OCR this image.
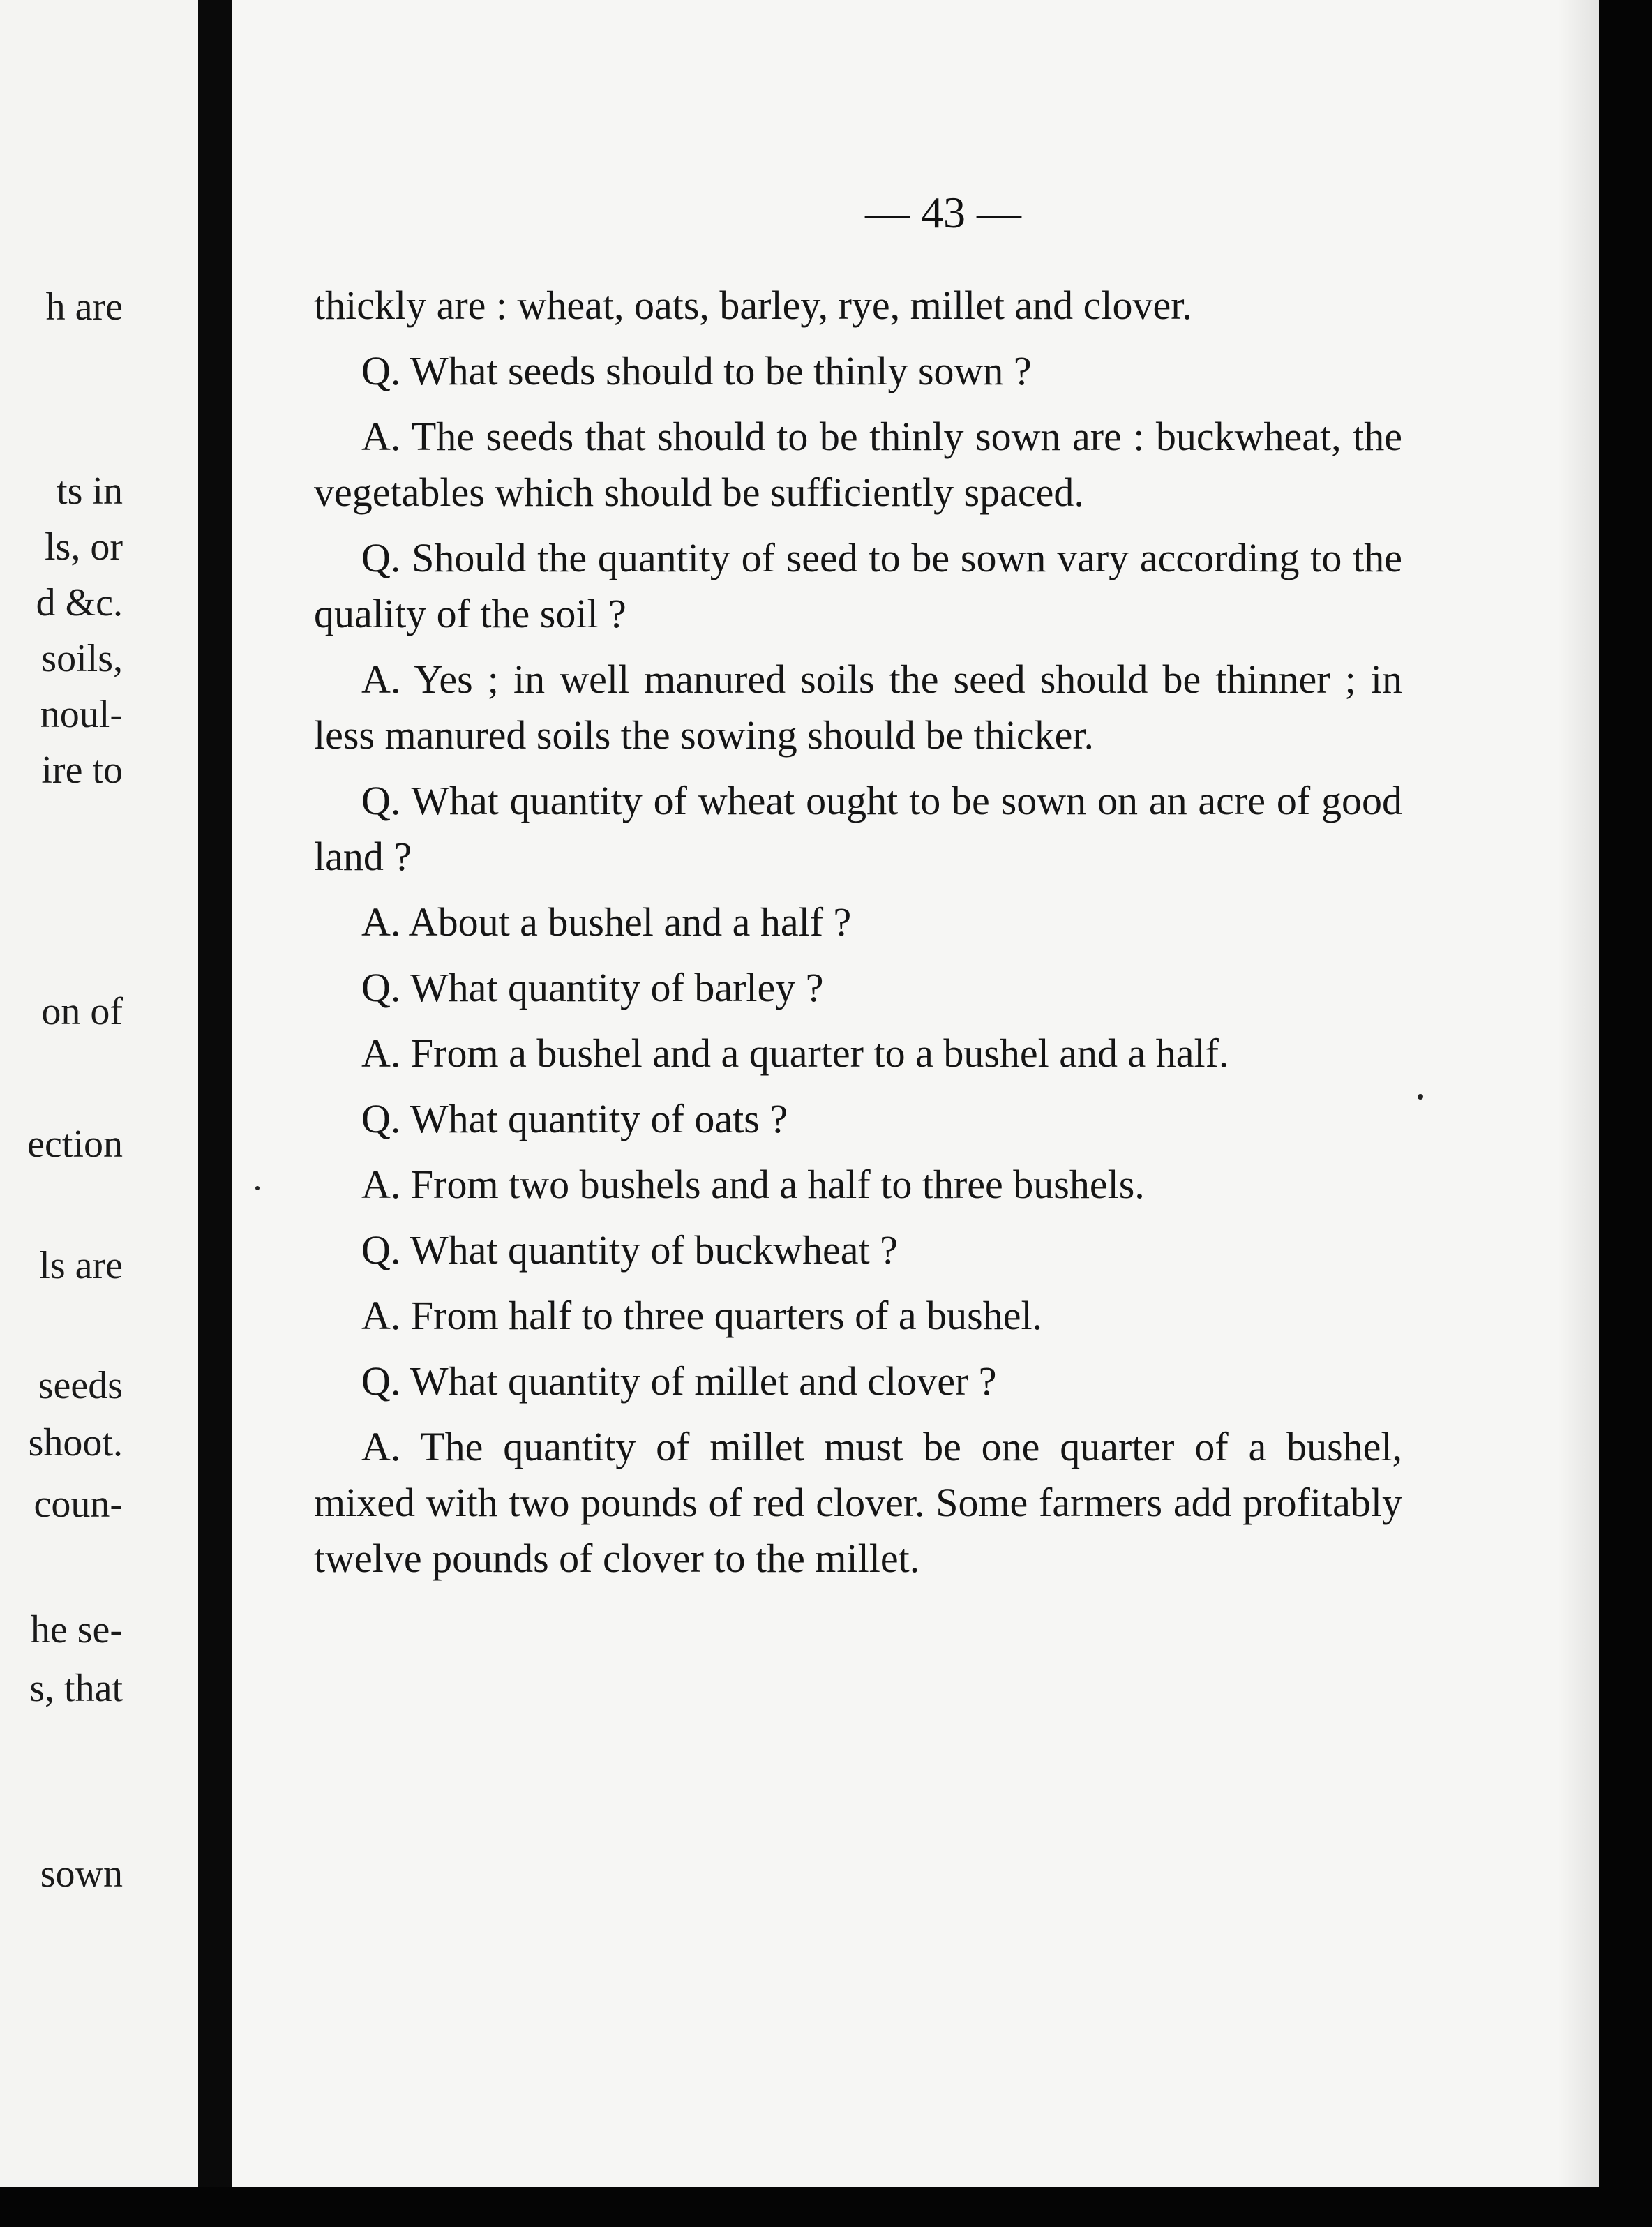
h are
ts in
ls, or
d &c.
soils,
noul-
ire to
on of
ection
ls are
seeds
shoot.
coun-
he se-
s, that
sown
— 43 —

thickly are : wheat, oats, barley, rye, millet and clover.

Q. What seeds should to be thinly sown ?

A. The seeds that should to be thinly sown are : buckwheat, the vegetables which should be sufficiently spaced.

Q. Should the quantity of seed to be sown vary according to the quality of the soil ?

A. Yes ; in well manured soils the seed should be thinner ; in less manured soils the sowing should be thicker.

Q. What quantity of wheat ought to be sown on an acre of good land ?

A. About a bushel and a half ?

Q. What quantity of barley ?

A. From a bushel and a quarter to a bushel and a half.

Q. What quantity of oats ?

A. From two bushels and a half to three bushels.

Q. What quantity of buckwheat ?

A. From half to three quarters of a bushel.

Q. What quantity of millet and clover ?

A. The quantity of millet must be one quarter of a bushel, mixed with two pounds of red clover. Some farmers add profitably twelve pounds of clover to the millet.
